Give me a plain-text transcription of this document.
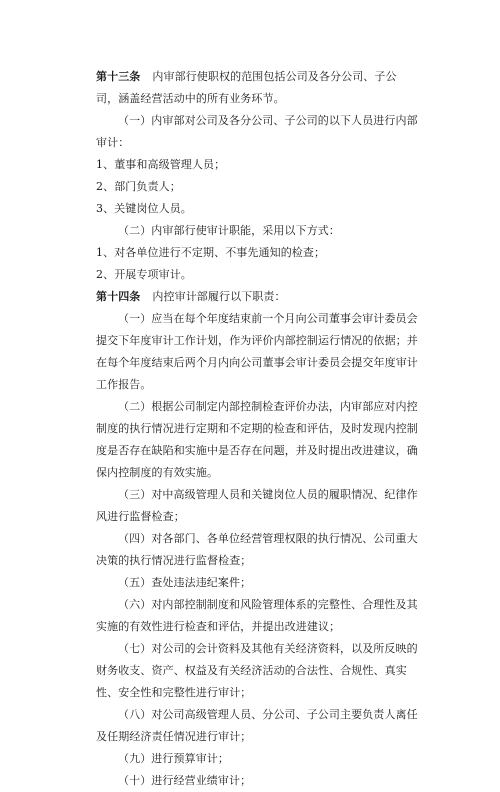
第十三条 内审部行使职权的范围包括公司及各分公司、子公司，涵盖经营活动中的所有业务环节。

（一）内审部对公司及各分公司、子公司的以下人员进行内部审计：

1、董事和高级管理人员；

2、部门负责人；

3、关键岗位人员。

（二）内审部行使审计职能，采用以下方式：

1、对各单位进行不定期、不事先通知的检查；

2、开展专项审计。

第十四条 内控审计部履行以下职责：

（一）应当在每个年度结束前一个月向公司董事会审计委员会提交下年度审计工作计划，作为评价内部控制运行情况的依据；并在每个年度结束后两个月内向公司董事会审计委员会提交年度审计工作报告。

（二）根据公司制定内部控制检查评价办法，内审部应对内控制度的执行情况进行定期和不定期的检查和评估，及时发现内控制度是否存在缺陷和实施中是否存在问题，并及时提出改进建议，确保内控制度的有效实施。

（三）对中高级管理人员和关键岗位人员的履职情况、纪律作风进行监督检查；

（四）对各部门、各单位经营管理权限的执行情况、公司重大决策的执行情况进行监督检查；

（五）查处违法违纪案件；

（六）对内部控制制度和风险管理体系的完整性、合理性及其实施的有效性进行检查和评估，并提出改进建议；

（七）对公司的会计资料及其他有关经济资料，以及所反映的财务收支、资产、权益及有关经济活动的合法性、合规性、真实性、安全性和完整性进行审计；

（八）对公司高级管理人员、分公司、子公司主要负责人离任及任期经济责任情况进行审计；

（九）进行预算审计；

（十）进行经营业绩审计；
